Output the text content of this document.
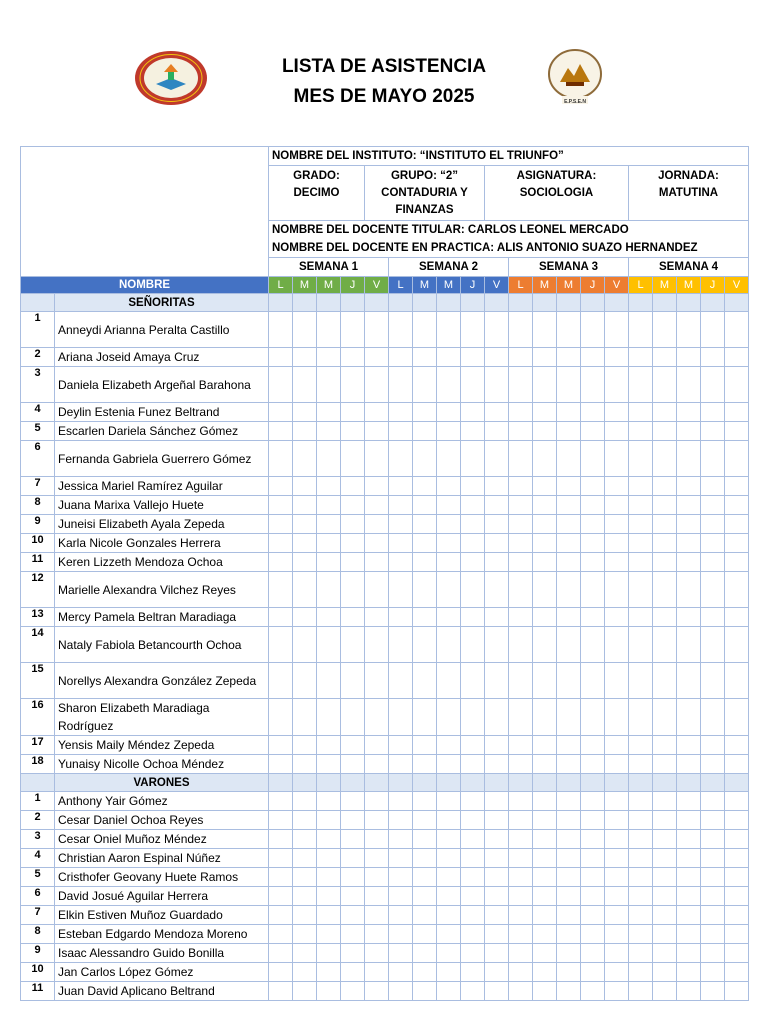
LISTA DE ASISTENCIA
MES DE MAYO 2025	E.P.S.E.N
		NOMBRE DEL INSTITUTO: “INSTITUTO EL TRIUNFO”																			
		GRADO: DECIMO				GRUPO: “2” CONTADURIA Y FINANZAS					ASIGNATURA: SOCIOLOGIA						JORNADA: MATUTINA				
		NOMBRE DEL DOCENTE TITULAR: CARLOS LEONEL MERCADO																			
		NOMBRE DEL DOCENTE EN PRACTICA: ALIS ANTONIO SUAZO HERNANDEZ																			
		SEMANA 1					SEMANA 2					SEMANA 3					SEMANA 4				
NOMBRE		L	M	M	J	V	L	M	M	J	V	L	M	M	J	V	L	M	M	J	V
	SEÑORITAS																				
1	Anneydi Arianna Peralta Castillo																				
2	Ariana Joseid Amaya Cruz																				
3	Daniela Elizabeth Argeñal Barahona																				
4	Deylin Estenia Funez Beltrand																				
5	Escarlen Dariela Sánchez Gómez																				
6	Fernanda Gabriela Guerrero Gómez																				
7	Jessica Mariel Ramírez Aguilar																				
8	Juana Marixa Vallejo Huete																				
9	Juneisi Elizabeth Ayala Zepeda																				
10	Karla Nicole Gonzales Herrera																				
11	Keren Lizzeth Mendoza Ochoa																				
12	Marielle Alexandra Vilchez Reyes																				
13	Mercy Pamela Beltran Maradiaga																				
14	Nataly Fabiola Betancourth Ochoa																				
15	Norellys Alexandra González Zepeda																				
16	Sharon Elizabeth Maradiaga Rodríguez																				
17	Yensis Maily Méndez Zepeda																				
18	Yunaisy Nicolle Ochoa Méndez																				
	VARONES																				
1	Anthony Yair Gómez																				
2	Cesar Daniel Ochoa Reyes																				
3	Cesar Oniel Muñoz Méndez																				
4	Christian Aaron Espinal Núñez																				
5	Cristhofer Geovany Huete Ramos																				
6	David Josué Aguilar Herrera																				
7	Elkin Estiven Muñoz Guardado																				
8	Esteban Edgardo Mendoza Moreno																				
9	Isaac Alessandro Guido Bonilla																				
10	Jan Carlos López Gómez																				
11	Juan David Aplicano Beltrand																				
